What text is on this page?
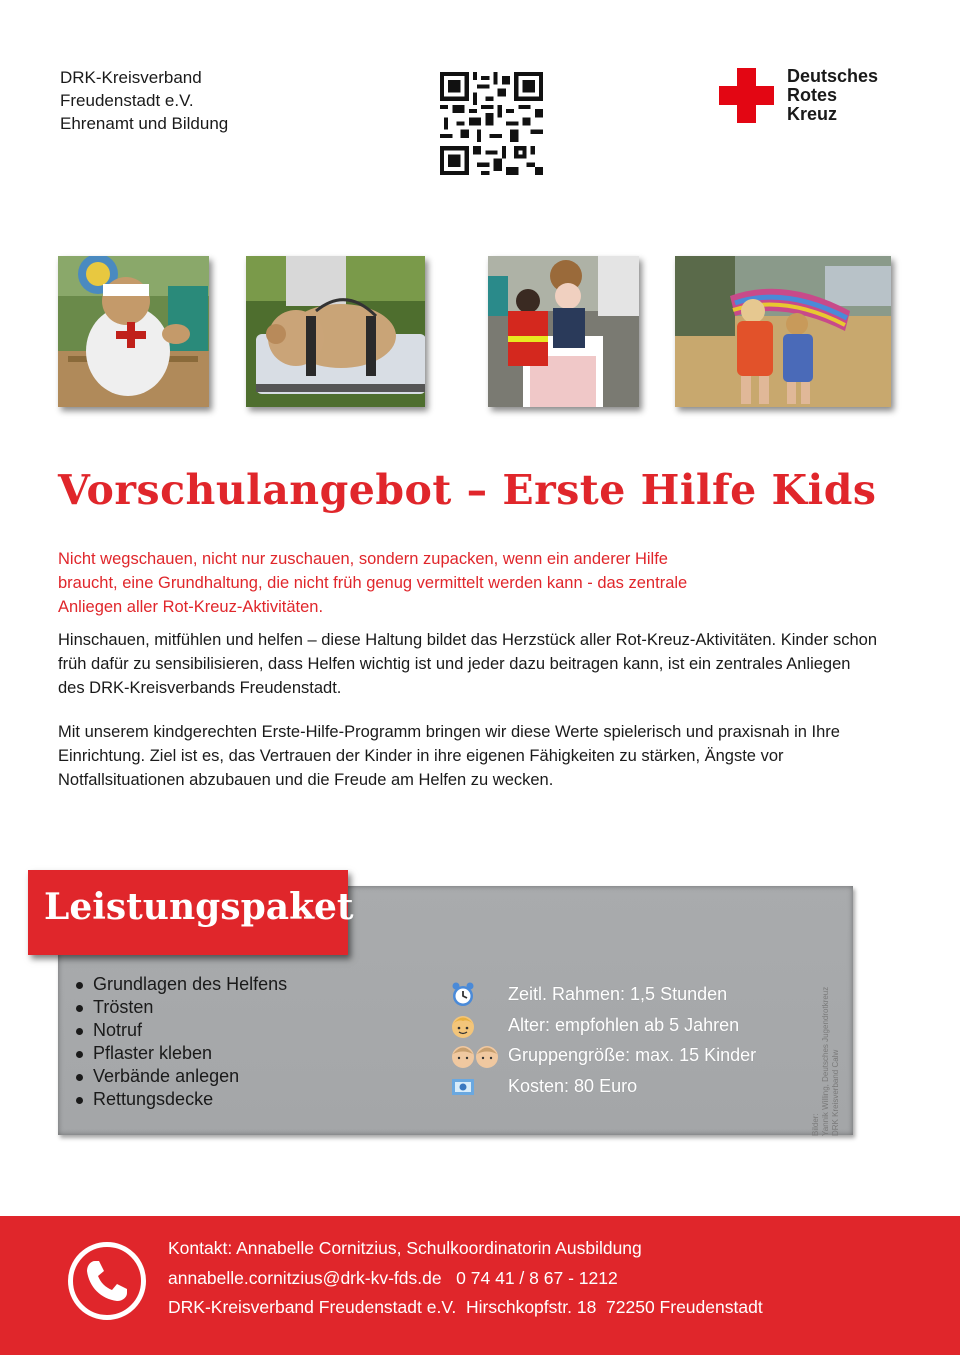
DRK-Kreisverband
Freudenstadt e.V.
Ehrenamt und Bildung
Deutsches
Rotes
Kreuz
Vorschulangebot – Erste Hilfe Kids
Nicht wegschauen, nicht nur zuschauen, sondern zupacken, wenn ein anderer Hilfe braucht, eine Grundhaltung, die nicht früh genug vermittelt werden kann - das zentrale Anliegen aller Rot-Kreuz-Aktivitäten.
Hinschauen, mitfühlen und helfen – diese Haltung bildet das Herzstück aller Rot-Kreuz-Aktivitäten. Kinder schon früh dafür zu sensibilisieren, dass Helfen wichtig ist und jeder dazu beitragen kann, ist ein zentrales Anliegen des DRK-Kreisverbands Freudenstadt.
Mit unserem kindgerechten Erste-Hilfe-Programm bringen wir diese Werte spielerisch und praxisnah in Ihre Einrichtung. Ziel ist es, das Vertrauen der Kinder in ihre eigenen Fähigkeiten zu stärken, Ängste vor Notfallsituationen abzubauen und die Freude am Helfen zu wecken.
Leistungspaket
Grundlagen des Helfens
Trösten
Notruf
Pflaster kleben
Verbände anlegen
Rettungsdecke
Zeitl. Rahmen: 1,5 Stunden
Alter: empfohlen ab 5 Jahren
Gruppengröße: max. 15 Kinder
Kosten: 80 Euro
Bilder: Yannik Willing, Deutsches Jugendrotkreuz DRK Kreisverband Calw
Kontakt: Annabelle Cornitzius, Schulkoordinatorin Ausbildung
annabelle.cornitzius@drk-kv-fds.de   0 74 41 / 8 67 - 1212
DRK-Kreisverband Freudenstadt e.V.  Hirschkopfstr. 18  72250 Freudenstadt
